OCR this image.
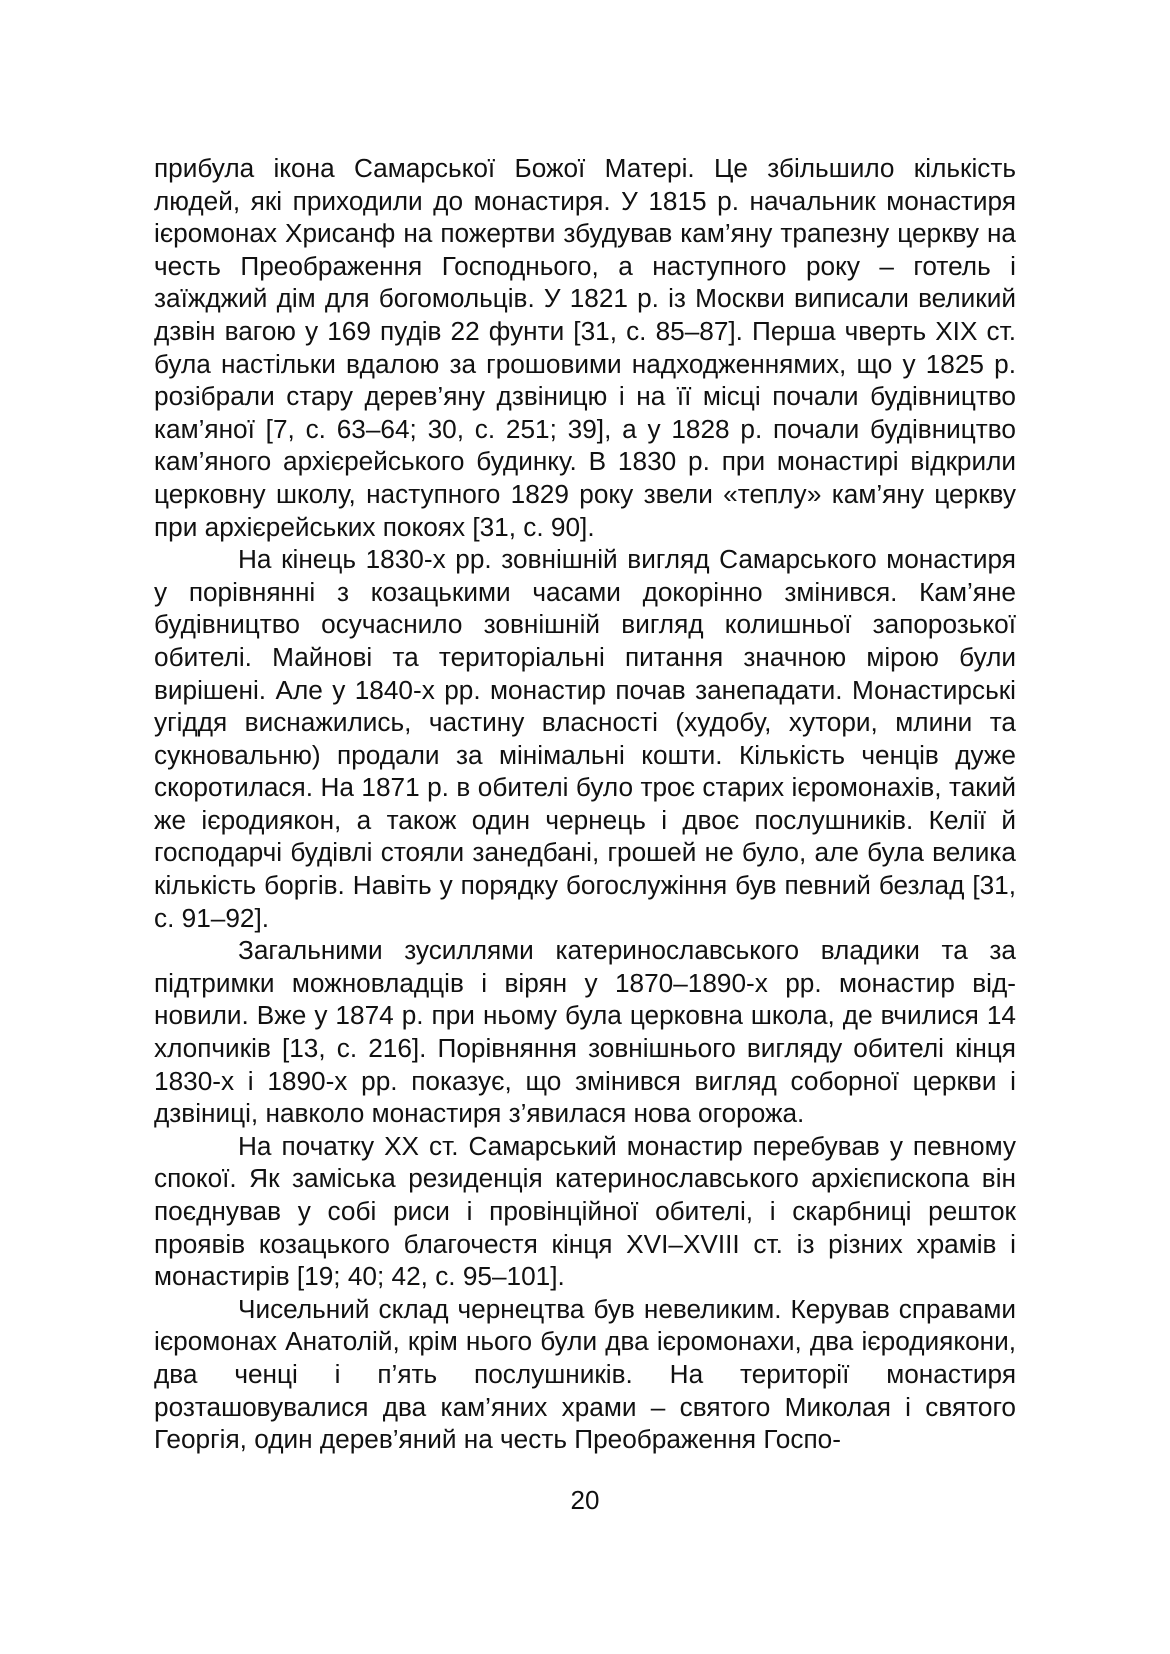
прибула ікона Самарської Божої Матері. Це збільшило кількість людей, які приходили до монастиря. У 1815 р. начальник монастиря ієромонах Хрисанф на пожертви збудував кам’яну трапезну церкву на честь Преображення Господнього, а наступного року – готель і заїжджий дім для богомольців. У 1821 р. із Москви виписали великий дзвін вагою у 169 пудів 22 фунти [31, с. 85–87]. Перша чверть XIX ст. була настільки вдалою за грошовими надходженнямих, що у 1825 р. розібрали стару дерев’яну дзвіницю і на її місці почали будівництво кам’яної [7, с. 63–64; 30, с. 251; 39], а у 1828 р. почали будівництво кам’яного архієрейського будинку. В 1830 р. при монастирі відкрили церковну школу, наступного 1829 року звели «теплу» кам’яну церкву при архієрейських покоях [31, с. 90].

На кінець 1830-х рр. зовнішній вигляд Самарського монастиря у порівнянні з козацькими часами докорінно змінився. Кам’яне будівництво осучаснило зовнішній вигляд колишньої запорозької обителі. Майнові та територіальні питання значною мірою були вирішені. Але у 1840-х рр. монастир почав занепадати. Монастирські угіддя виснажились, частину власності (худобу, хутори, млини та сукновальню) продали за мінімальні кошти. Кількість ченців дуже скоротилася. На 1871 р. в обителі було троє старих ієромонахів, такий же ієродиякон, а також один чернець і двоє послушників. Келії й господарчі будівлі стояли занедбані, грошей не було, але була велика кількість боргів. Навіть у порядку богослужіння був певний безлад [31, с. 91–92].

Загальними зусиллями катеринославського владики та за підтримки можновладців і вірян у 1870–1890-х рр. монастир відновили. Вже у 1874 р. при ньому була церковна школа, де вчилися 14 хлопчиків [13, с. 216]. Порівняння зовнішнього вигляду обителі кінця 1830-х і 1890-х рр. показує, що змінився вигляд соборної церкви і дзвіниці, навколо монастиря з’явилася нова огорожа.

На початку XX ст. Самарський монастир перебував у певному спокої. Як заміська резиденція катеринославського архієпископа він поєднував у собі риси і провінційної обителі, і скарбниці решток проявів козацького благочестя кінця XVI–XVIII ст. із різних храмів і монастирів [19; 40; 42, с. 95–101].

Чисельний склад чернецтва був невеликим. Керував справами ієромонах Анатолій, крім нього були два ієромонахи, два ієродиякони, два ченці і п’ять послушників. На території монастиря розташовувалися два кам’яних храми – святого Миколая і святого Георгія, один дерев’яний на честь Преображення Госпо-

20
